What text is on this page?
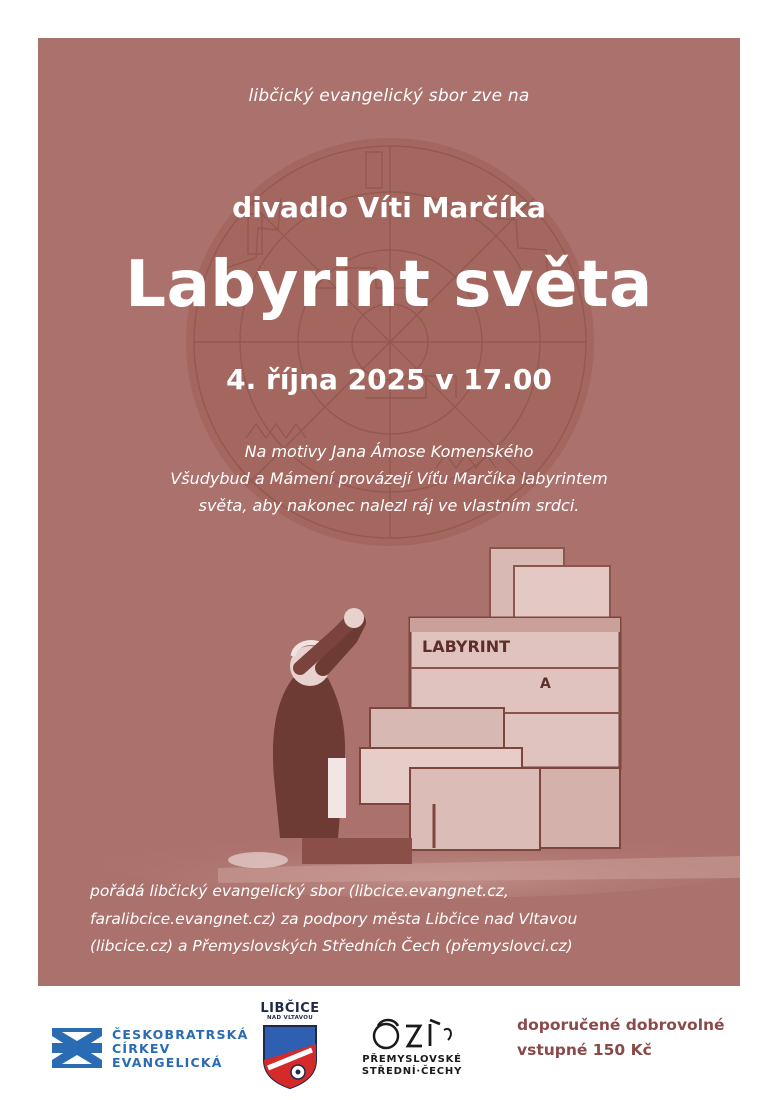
LABYRINT
A
libčický evangelický sbor zve na
divadlo Víti Marčíka
Labyrint světa
4. října 2025 v 17.00
Na motivy Jana Ámose Komenského
Všudybud a Mámení provázejí Víťu Marčíka labyrintem
světa, aby nakonec nalezl ráj ve vlastním srdci.
pořádá libčický evangelický sbor (libcice.evangnet.cz,
faralibcice.evangnet.cz) za podpory města Libčice nad Vltavou
(libcice.cz) a Přemyslovských Středních Čech (přemyslovci.cz)
ČESKOBRATRSKÁ
CÍRKEV
EVANGELICKÁ
LIBČICE
NAD VLTAVOU
PŘEMYSLOVSKÉ
STŘEDNÍ·ČECHY
doporučené dobrovolné
vstupné 150 Kč
